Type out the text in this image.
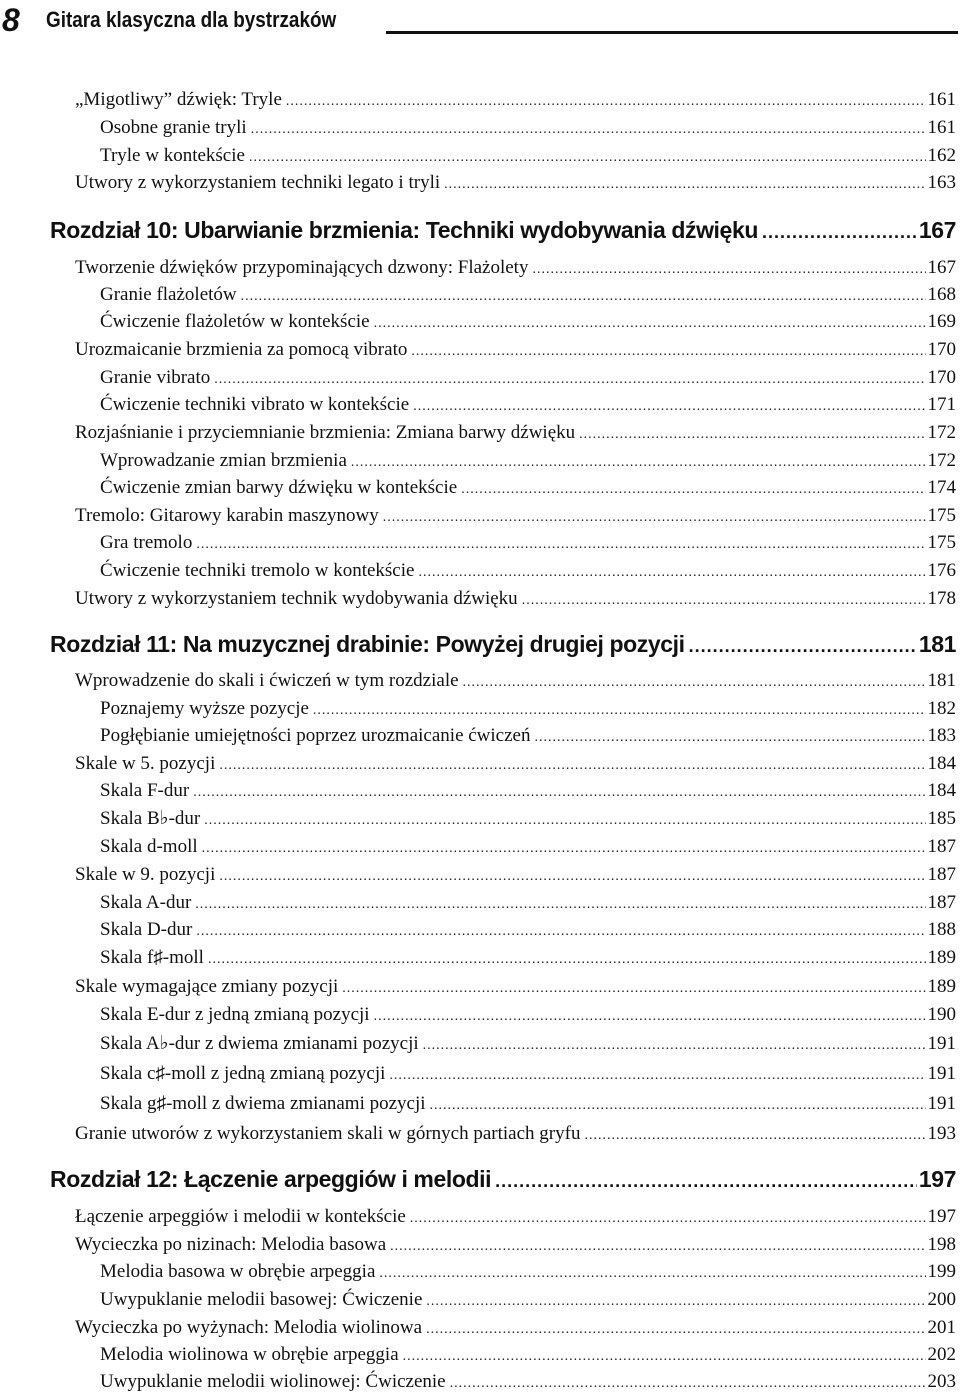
8 Gitara klasyczna dla bystrzaków
„Migotliwy” dźwięk: Tryle .....	161
Osobne granie tryli .....	161
Tryle w kontekście .....	162
Utwory z wykorzystaniem techniki legato i tryli .....	163
Rozdział 10: Ubarwianie brzmienia: Techniki wydobywania dźwięku .....	167
Tworzenie dźwięków przypominających dzwony: Flażolety .....	167
Granie flażoletów .....	168
Ćwiczenie flażoletów w kontekście .....	169
Urozmaicanie brzmienia za pomocą vibrato .....	170
Granie vibrato .....	170
Ćwiczenie techniki vibrato w kontekście .....	171
Rozjaśnianie i przyciemnianie brzmienia: Zmiana barwy dźwięku .....	172
Wprowadzanie zmian brzmienia .....	172
Ćwiczenie zmian barwy dźwięku w kontekście .....	174
Tremolo: Gitarowy karabin maszynowy .....	175
Gra tremolo .....	175
Ćwiczenie techniki tremolo w kontekście .....	176
Utwory z wykorzystaniem technik wydobywania dźwięku .....	178
Rozdział 11: Na muzycznej drabinie: Powyżej drugiej pozycji .....	181
Wprowadzenie do skali i ćwiczeń w tym rozdziale .....	181
Poznajemy wyższe pozycje .....	182
Pogłębianie umiejętności poprzez urozmaicanie ćwiczeń .....	183
Skale w 5. pozycji .....	184
Skala F-dur .....	184
Skala B♭-dur .....	185
Skala d-moll .....	187
Skale w 9. pozycji .....	187
Skala A-dur .....	187
Skala D-dur .....	188
Skala f♯-moll .....	189
Skale wymagające zmiany pozycji .....	189
Skala E-dur z jedną zmianą pozycji .....	190
Skala A♭-dur z dwiema zmianami pozycji .....	191
Skala c♯-moll z jedną zmianą pozycji .....	191
Skala g♯-moll z dwiema zmianami pozycji .....	191
Granie utworów z wykorzystaniem skali w górnych partiach gryfu .....	193
Rozdział 12: Łączenie arpeggiów i melodii .....	197
Łączenie arpeggiów i melodii w kontekście .....	197
Wycieczka po nizinach: Melodia basowa .....	198
Melodia basowa w obrębie arpeggia .....	199
Uwypuklanie melodii basowej: Ćwiczenie .....	200
Wycieczka po wyżynach: Melodia wiolinowa .....	201
Melodia wiolinowa w obrębie arpeggia .....	202
Uwypuklanie melodii wiolinowej: Ćwiczenie .....	203
